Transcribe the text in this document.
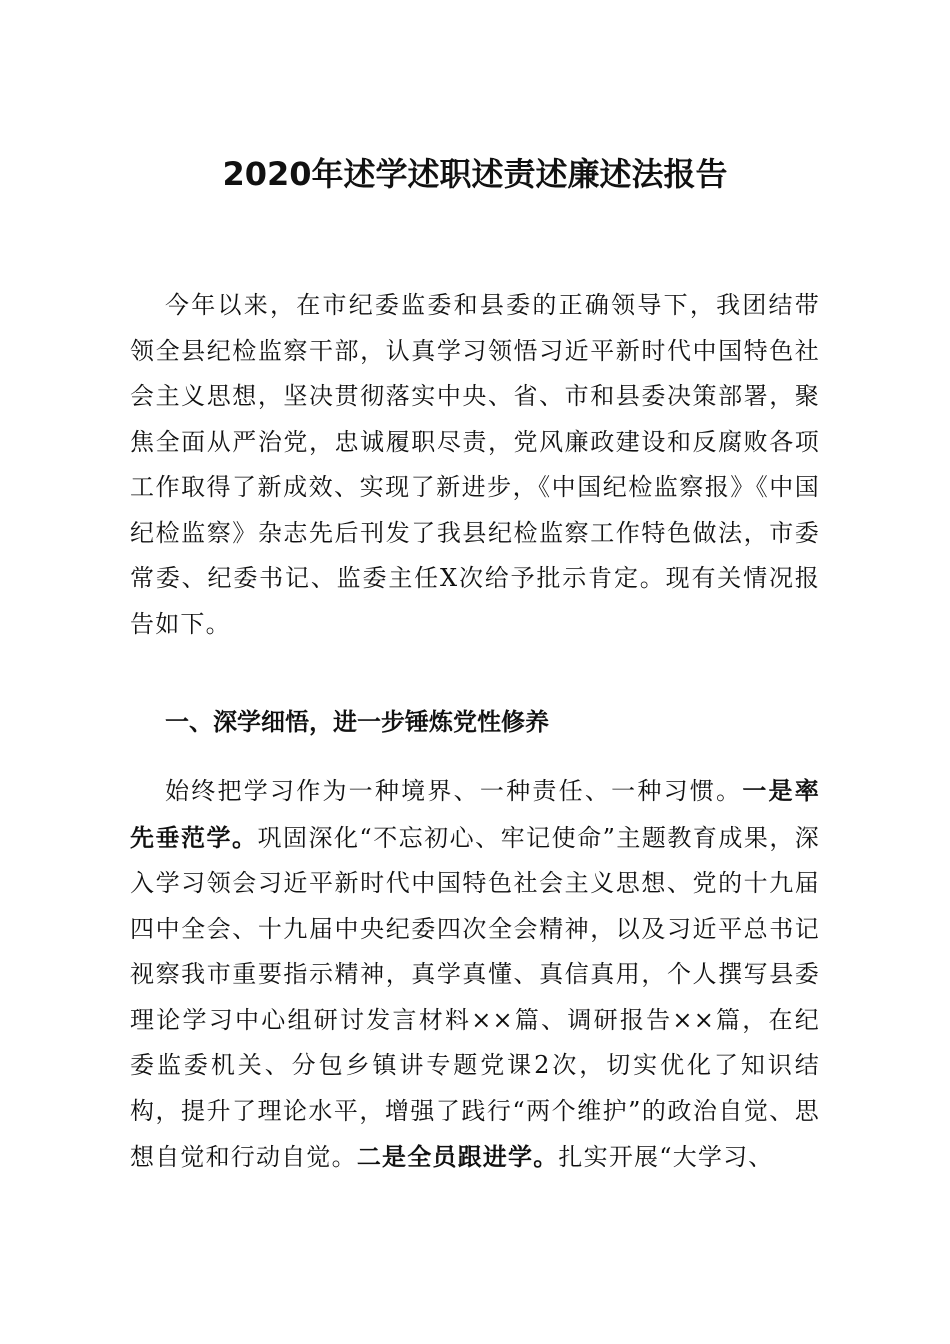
2020年述学述职述责述廉述法报告
今年以来，在市纪委监委和县委的正确领导下，我团结带领全县纪检监察干部，认真学习领悟习近平新时代中国特色社会主义思想，坚决贯彻落实中央、省、市和县委决策部署，聚焦全面从严治党，忠诚履职尽责，党风廉政建设和反腐败各项工作取得了新成效、实现了新进步，《中国纪检监察报》《中国纪检监察》杂志先后刊发了我县纪检监察工作特色做法，市委常委、纪委书记、监委主任X次给予批示肯定。现有关情况报告如下。
一、深学细悟，进一步锤炼党性修养
始终把学习作为一种境界、一种责任、一种习惯。一是率先垂范学。巩固深化“不忘初心、牢记使命”主题教育成果，深入学习领会习近平新时代中国特色社会主义思想、党的十九届四中全会、十九届中央纪委四次全会精神，以及习近平总书记视察我市重要指示精神，真学真懂、真信真用，个人撰写县委理论学习中心组研讨发言材料××篇、调研报告××篇，在纪委监委机关、分包乡镇讲专题党课2次，切实优化了知识结构，提升了理论水平，增强了践行“两个维护”的政治自觉、思想自觉和行动自觉。二是全员跟进学。扎实开展“大学习、
